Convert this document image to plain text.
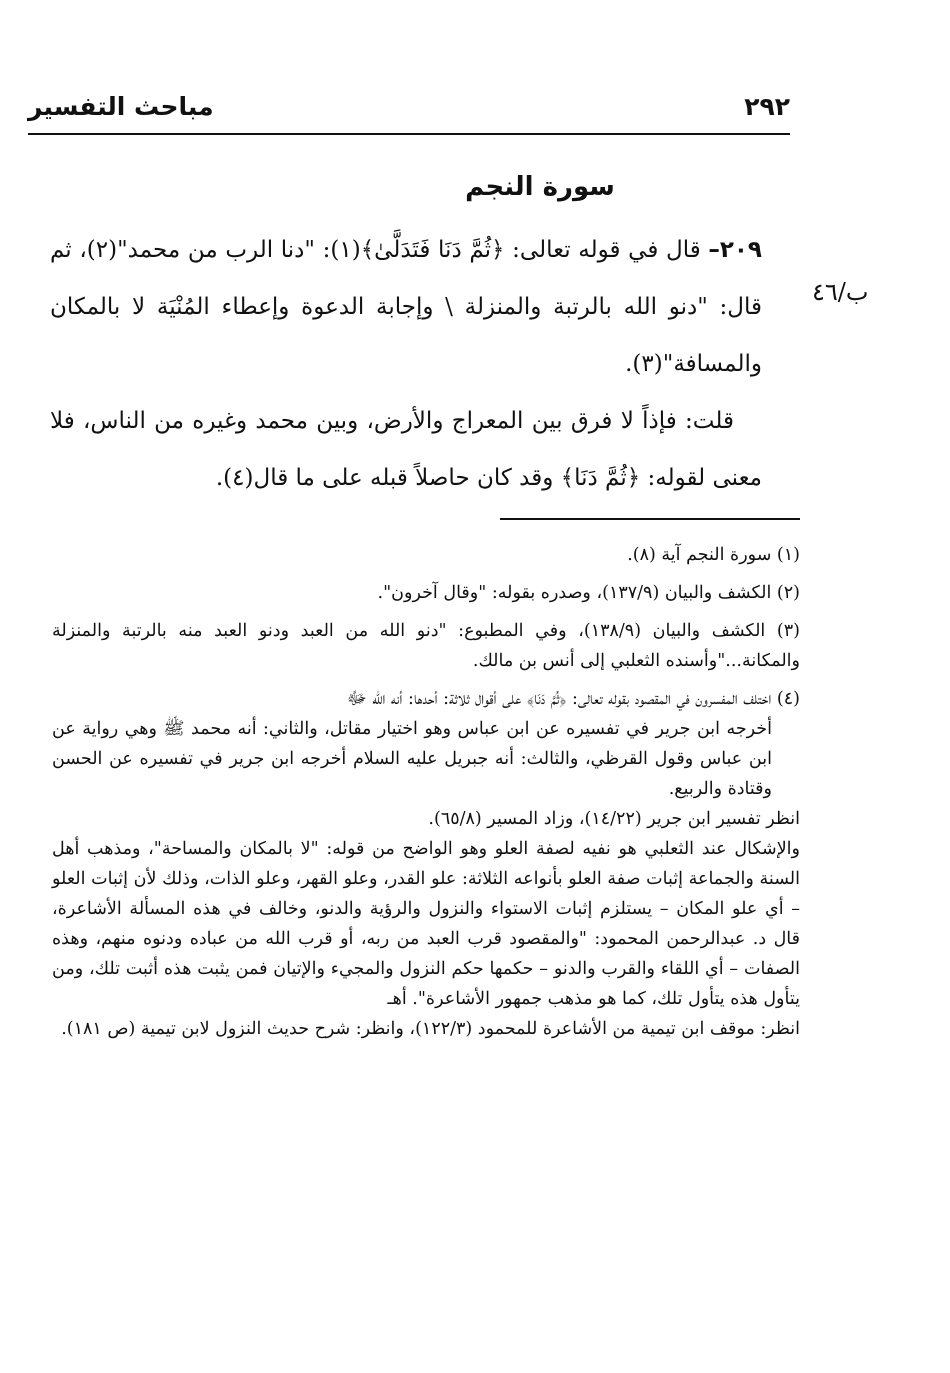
مباحث التفسير	٢٩٢
سورة النجم
ب/٤٦

٢٠٩– قال في قوله تعالى: ﴿ثُمَّ دَنَا فَتَدَلَّىٰ﴾(١): "دنا الرب من محمد"(٢)، ثم قال: "دنو الله بالرتبة والمنزلة \ وإجابة الدعوة وإعطاء المُنْيَة لا بالمكان والمسافة"(٣).

قلت: فإذاً لا فرق بين المعراج والأرض، وبين محمد وغيره من الناس، فلا معنى لقوله: ﴿ثُمَّ دَنَا﴾ وقد كان حاصلاً قبله على ما قال(٤).

(١) سورة النجم آية (٨).

(٢) الكشف والبيان (١٣٧/٩)، وصدره بقوله: "وقال آخرون".

(٣) الكشف والبيان (١٣٨/٩)، وفي المطبوع: "دنو الله من العبد ودنو العبد منه بالرتبة والمنزلة والمكانة..."وأسنده الثعلبي إلى أنس بن مالك.

(٤) اختلف المفسرون في المقصود بقوله تعالى: ﴿ثُمَّ دَنَا﴾ على أقوال ثلاثة: أحدها: أنه الله ﷻ

أخرجه ابن جرير في تفسيره عن ابن عباس وهو اختيار مقاتل، والثاني: أنه محمد ﷺ وهي رواية عن ابن عباس وقول القرظي، والثالث: أنه جبريل عليه السلام أخرجه ابن جرير في تفسيره عن الحسن وقتادة والربيع.

انظر تفسير ابن جرير (١٤/٢٢)، وزاد المسير (٦٥/٨).

والإشكال عند الثعلبي هو نفيه لصفة العلو وهو الواضح من قوله: "لا بالمكان والمساحة"، ومذهب أهل السنة والجماعة إثبات صفة العلو بأنواعه الثلاثة: علو القدر، وعلو القهر، وعلو الذات، وذلك لأن إثبات العلو – أي علو المكان – يستلزم إثبات الاستواء والنزول والرؤية والدنو، وخالف في هذه المسألة الأشاعرة، قال د. عبدالرحمن المحمود: "والمقصود قرب العبد من ربه، أو قرب الله من عباده ودنوه منهم، وهذه الصفات – أي اللقاء والقرب والدنو – حكمها حكم النزول والمجيء والإتيان فمن يثبت هذه أثبت تلك، ومن يتأول هذه يتأول تلك، كما هو مذهب جمهور الأشاعرة". أهـ

انظر: موقف ابن تيمية من الأشاعرة للمحمود (١٢٢/٣)، وانظر: شرح حديث النزول لابن تيمية (ص ١٨١).
